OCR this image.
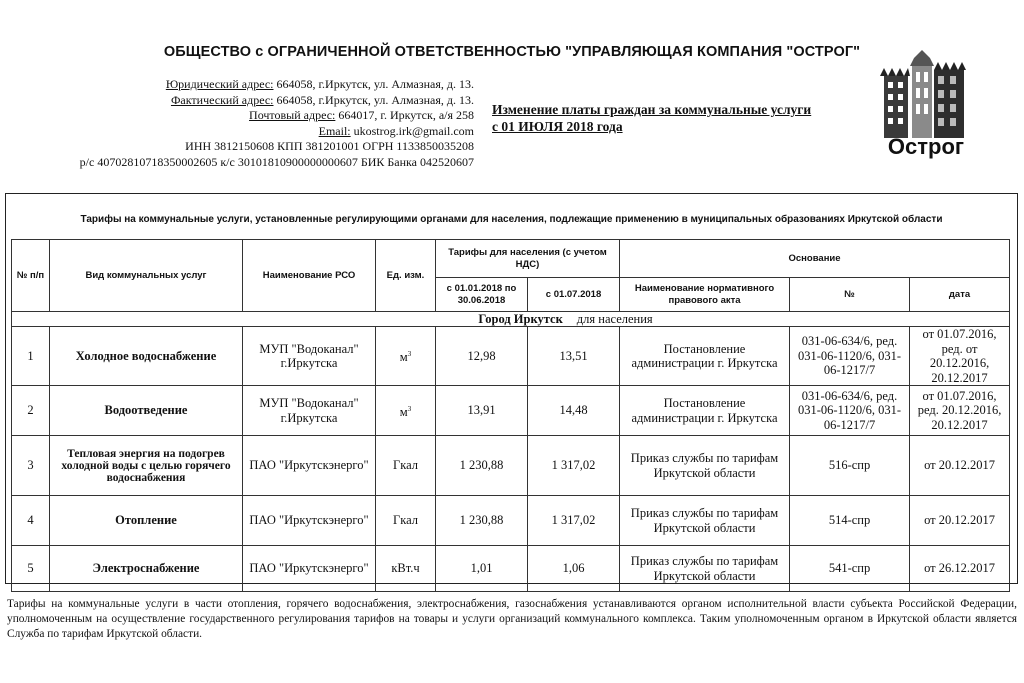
ОБЩЕСТВО с ОГРАНИЧЕННОЙ ОТВЕТСТВЕННОСТЬЮ "УПРАВЛЯЮЩАЯ КОМПАНИЯ "ОСТРОГ"
Юридический адрес: 664058, г.Иркутск, ул. Алмазная, д. 13.
Фактический адрес: 664058, г.Иркутск, ул. Алмазная, д. 13.
Почтовый адрес: 664017, г. Иркутск, а/я 258
Email: ukostrog.irk@gmail.com
ИНН 3812150608 КПП 381201001 ОГРН 1133850035208
р/с 40702810718350002605 к/с 30101810900000000607 БИК Банка 042520607
Изменение платы граждан за коммунальные услуги
с 01 ИЮЛЯ 2018 года
Острог
Тарифы на коммунальные услуги, установленные регулирующими органами для населения, подлежащие применению в муниципальных образованиях Иркутской области
№ п/п	Вид коммунальных услуг	Наименование РСО	Ед. изм.	Тарифы для населения (с учетом НДС)		Основание		
				с 01.01.2018 по 30.06.2018	с 01.07.2018	Наименование нормативного правового акта	№	дата
Город Иркутск для населения								
1	Холодное водоснабжение	МУП "Водоканал" г.Иркутска	$м^3$	12,98	13,51	Постановление администрации г. Иркутска	031-06-634/6, ред. 031-06-1120/6, 031-06-1217/7	от 01.07.2016, ред. от 20.12.2016, 20.12.2017
2	Водоотведение	МУП "Водоканал" г.Иркутска	$м^3$	13,91	14,48	Постановление администрации г. Иркутска	031-06-634/6, ред. 031-06-1120/6, 031-06-1217/7	от 01.07.2016, ред. 20.12.2016, 20.12.2017
3	Тепловая энергия на подогрев холодной воды с целью горячего водоснабжения	ПАО "Иркутскэнерго"	Гкал	1 230,88	1 317,02	Приказ службы по тарифам Иркутской области	516-спр	от 20.12.2017
4	Отопление	ПАО "Иркутскэнерго"	Гкал	1 230,88	1 317,02	Приказ службы по тарифам Иркутской области	514-спр	от 20.12.2017
5	Электроснабжение	ПАО "Иркутскэнерго"	кВт.ч	1,01	1,06	Приказ службы по тарифам Иркутской области	541-спр	от 26.12.2017
Тарифы на коммунальные услуги в части отопления, горячего водоснабжения, электроснабжения, газоснабжения устанавливаются органом исполнительной власти субъекта Российской Федерации, уполномоченным на осуществление государственного регулирования тарифов на товары и услуги организаций коммунального комплекса. Таким уполномоченным органом в Иркутской области является Служба по тарифам Иркутской области.
